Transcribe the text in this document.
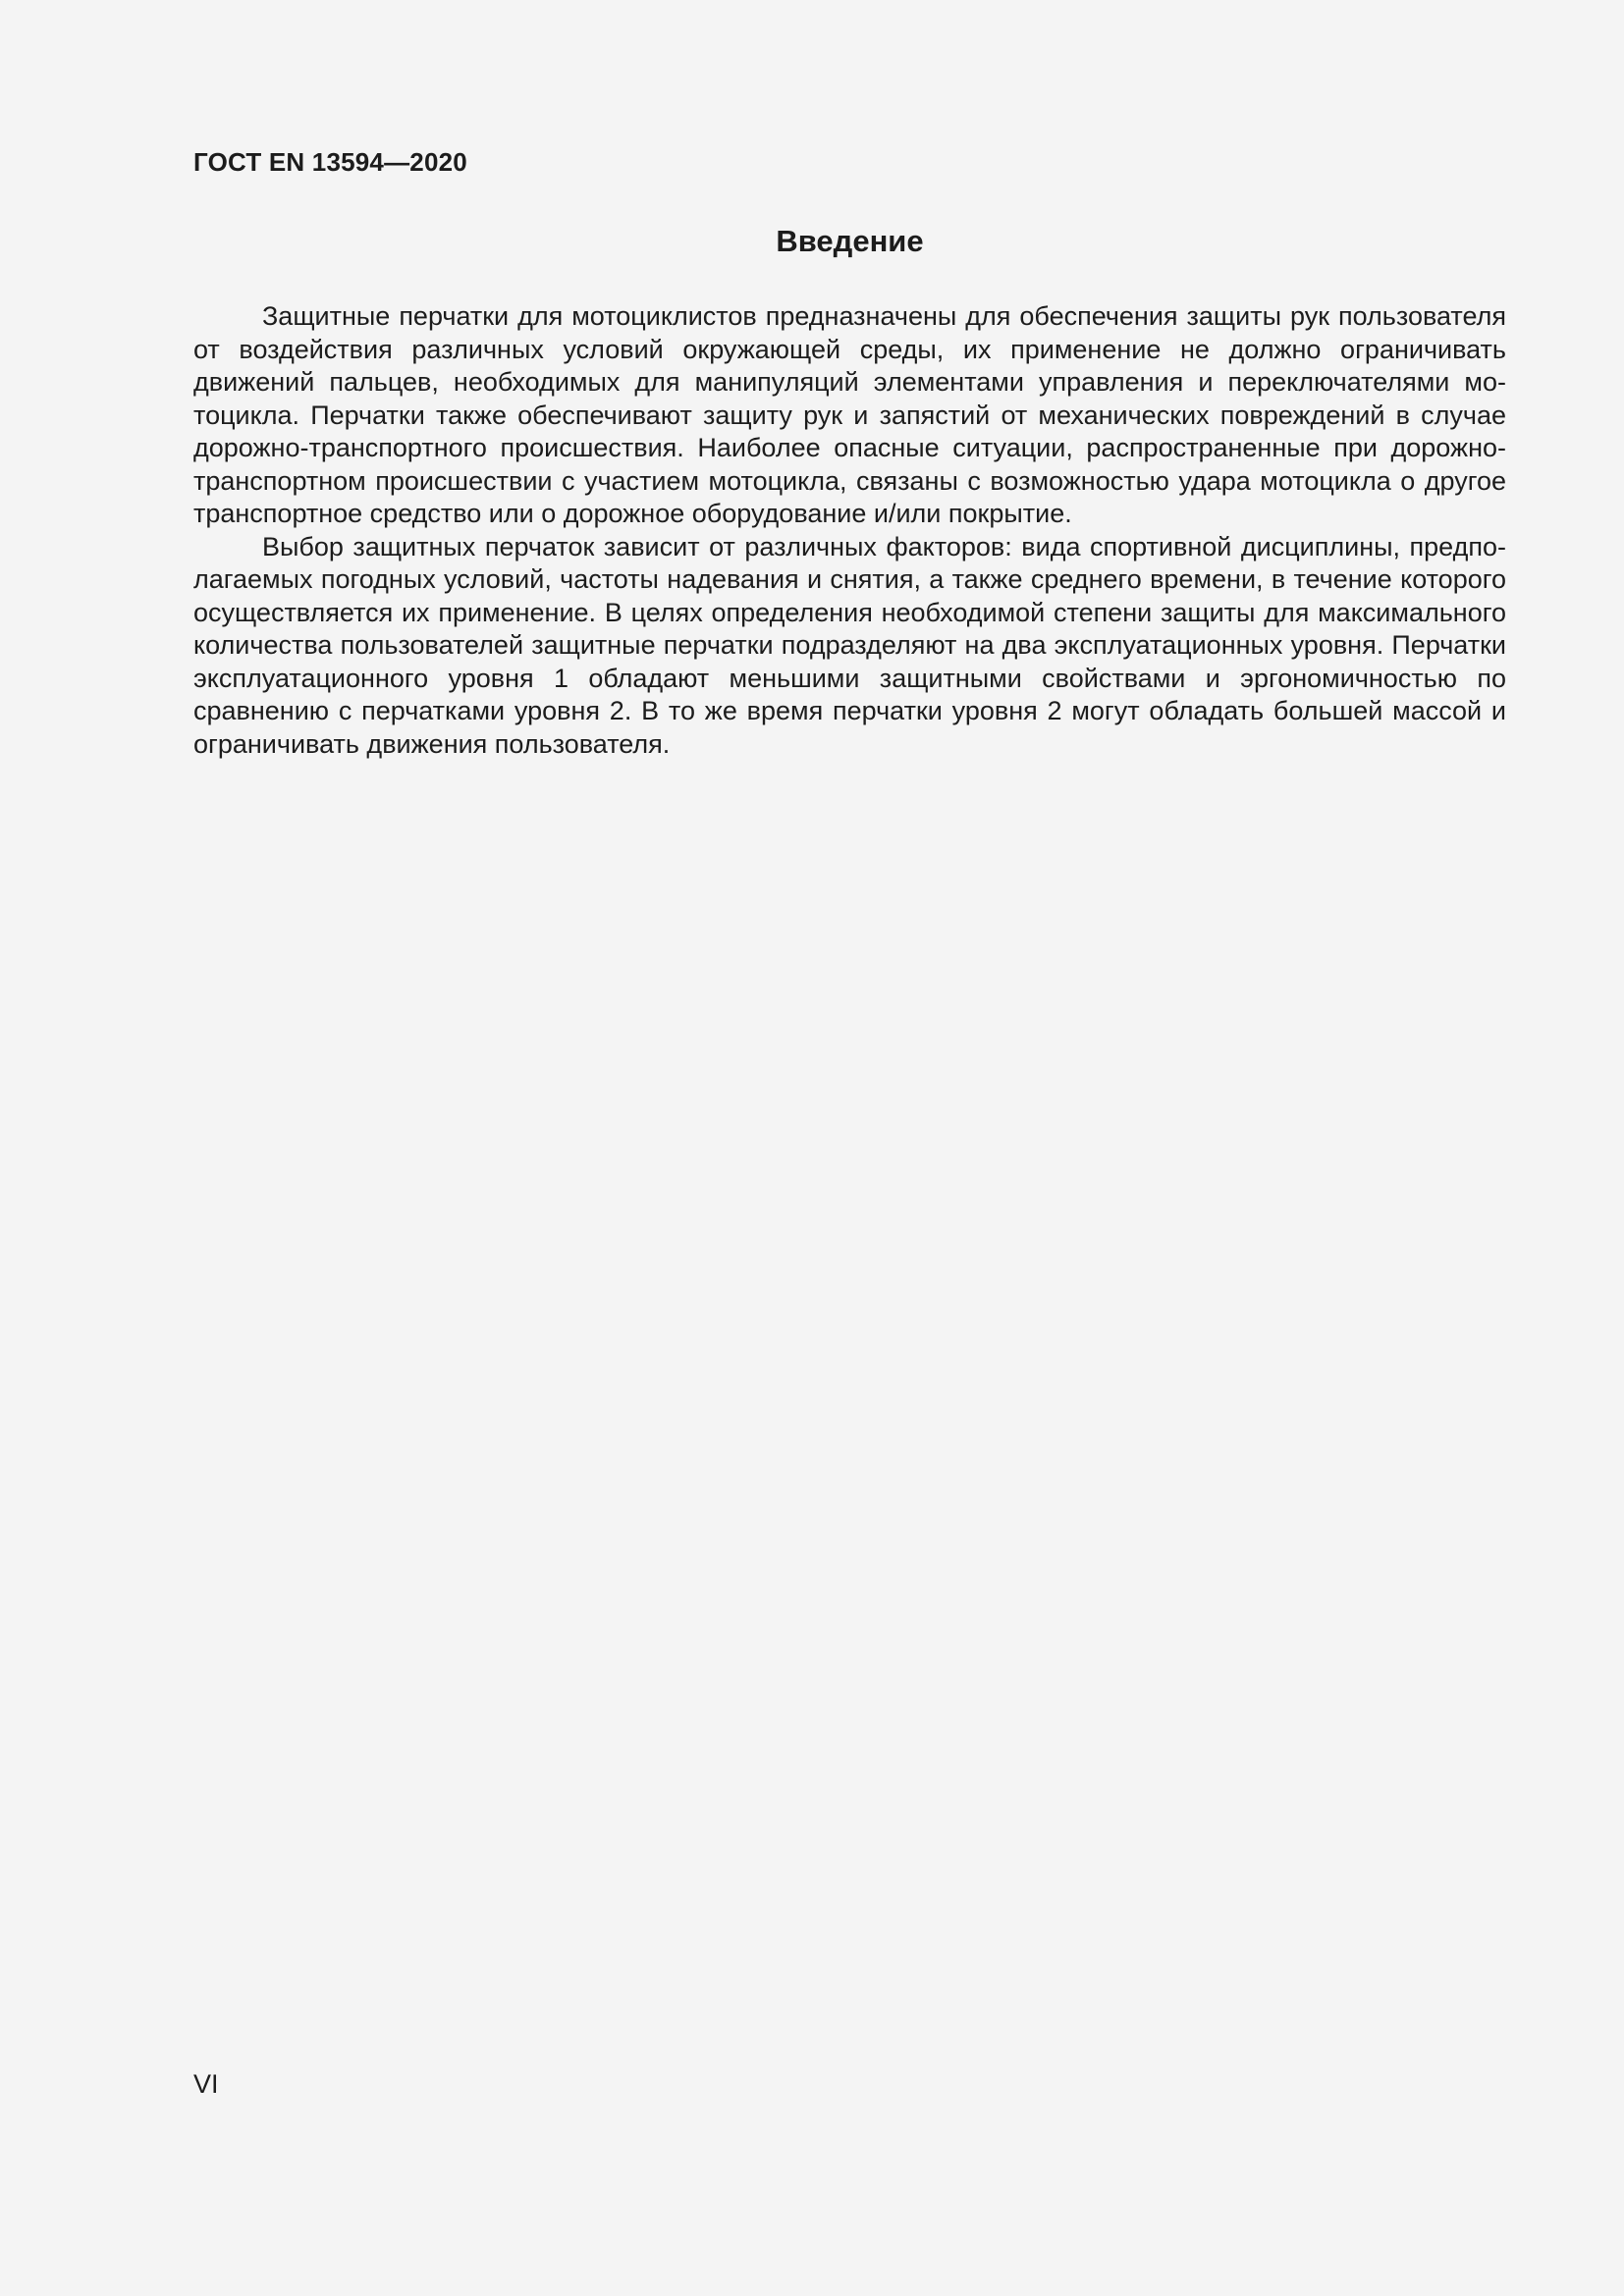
ГОСТ EN 13594—2020
Введение

Защитные перчатки для мотоциклистов предназначены для обеспечения защиты рук пользователя от воздействия различных условий окружающей среды, их применение не должно ограничивать движений пальцев, необходимых для манипуляций элементами управления и переключателями мотоцикла. Перчатки также обеспечивают защиту рук и запястий от механических повреждений в случае дорожно-транспортного происшествия. Наиболее опасные ситуации, распространенные при дорожно-транспортном происшествии с участием мотоцикла, связаны с возможностью удара мотоцикла о другое транспортное средство или о дорожное оборудование и/или покрытие.

Выбор защитных перчаток зависит от различных факторов: вида спортивной дисциплины, предполагаемых погодных условий, частоты надевания и снятия, а также среднего времени, в течение которого осуществляется их применение. В целях определения необходимой степени защиты для максимального количества пользователей защитные перчатки подразделяют на два эксплуатационных уровня. Перчатки эксплуатационного уровня 1 обладают меньшими защитными свойствами и эргономичностью по сравнению с перчатками уровня 2. В то же время перчатки уровня 2 могут обладать большей массой и ограничивать движения пользователя.

VI
